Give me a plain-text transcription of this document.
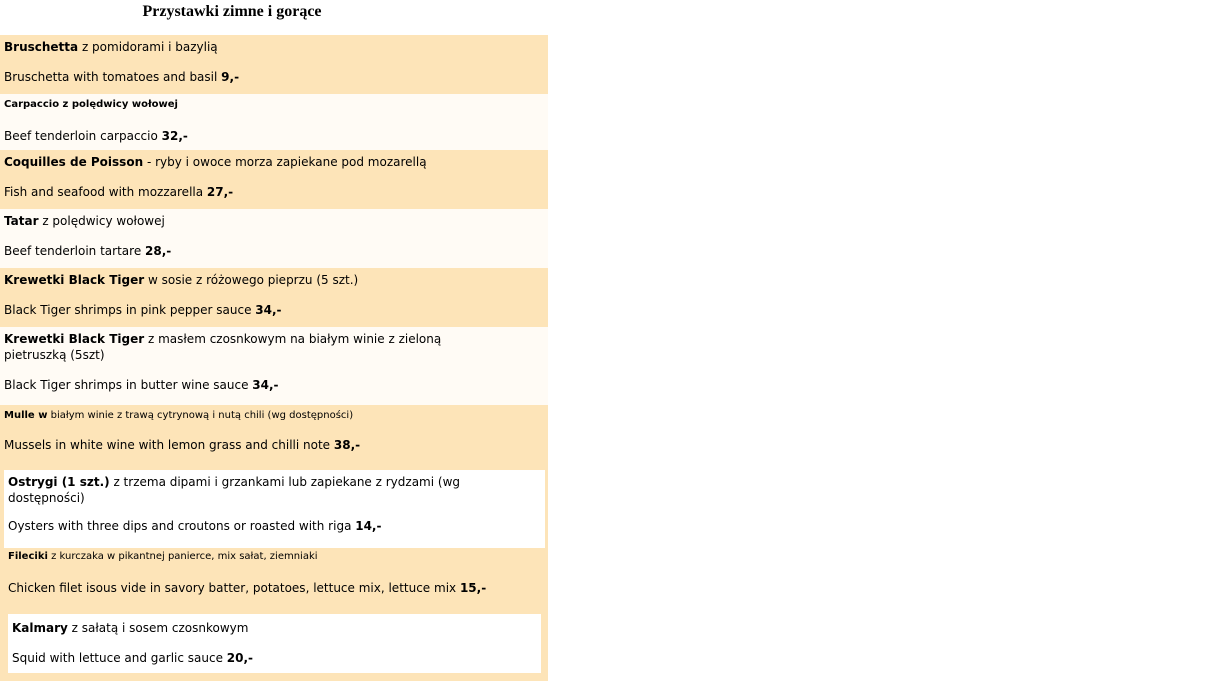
Przystawki zimne i gorące
Bruschetta z pomidorami i bazylią
Bruschetta with tomatoes and basil 9,-
Carpaccio z polędwicy wołowej
Beef tenderloin carpaccio 32,-
Coquilles de Poisson - ryby i owoce morza zapiekane pod mozarellą
Fish and seafood with mozzarella 27,-
Tatar z polędwicy wołowej
Beef tenderloin tartare 28,-
Krewetki Black Tiger w sosie z różowego pieprzu (5 szt.)
Black Tiger shrimps in pink pepper sauce 34,-
Krewetki Black Tiger z masłem czosnkowym na białym winie z zieloną pietruszką (5szt)
Black Tiger shrimps in butter wine sauce 34,-
Mulle w białym winie z trawą cytrynową i nutą chili (wg dostępności)
Mussels in white wine with lemon grass and chilli note 38,-
Ostrygi (1 szt.) z trzema dipami i grzankami lub zapiekane z rydzami (wg dostępności)
Oysters with three dips and croutons or roasted with riga 14,-
Fileciki z kurczaka w pikantnej panierce, mix sałat, ziemniaki
Chicken filet isous vide in savory batter, potatoes, lettuce mix, lettuce mix 15,-
Kalmary z sałatą i sosem czosnkowym
Squid with lettuce and garlic sauce 20,-
